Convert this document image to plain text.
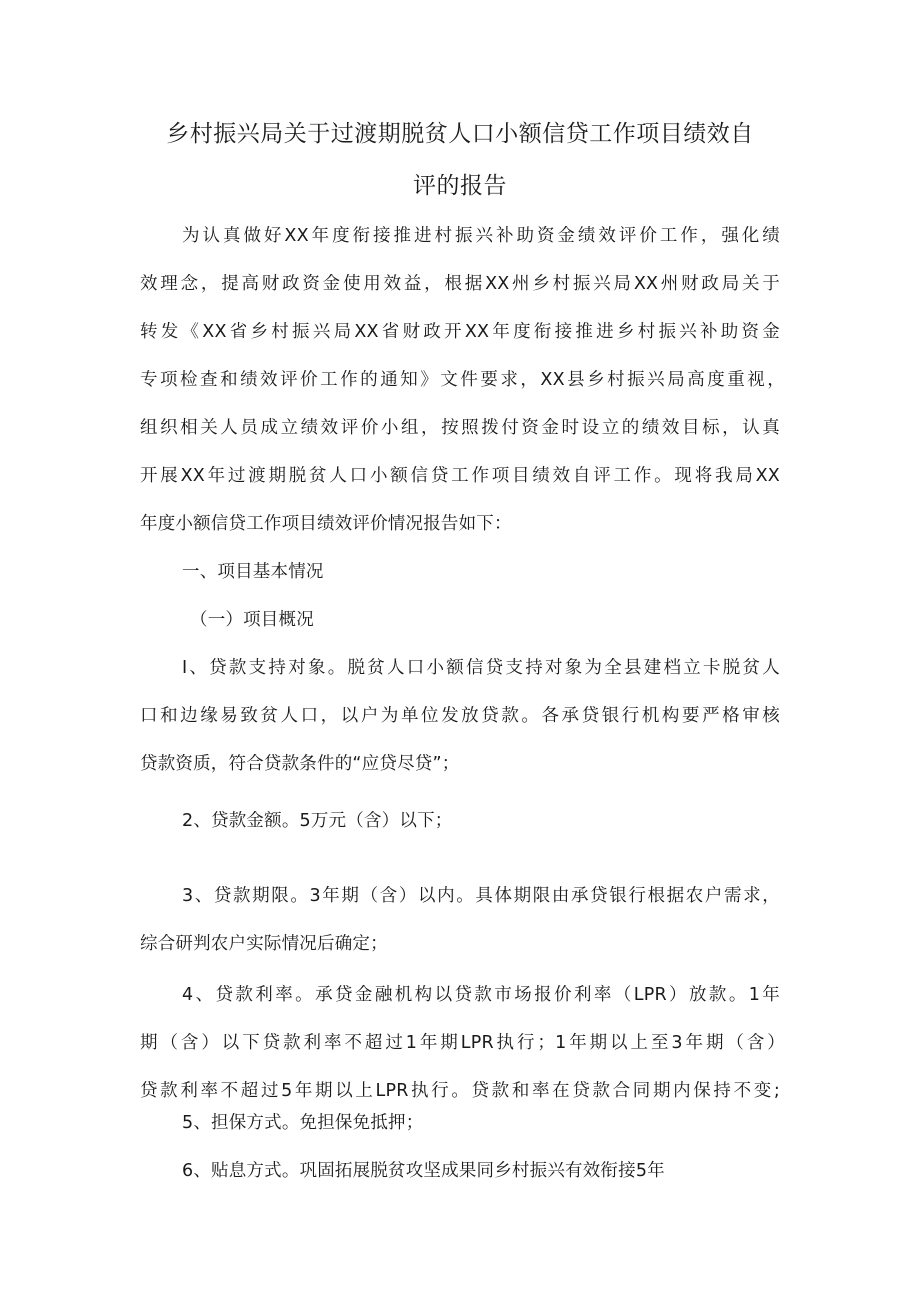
乡村振兴局关于过渡期脱贫人口小额信贷工作项目绩效自
评的报告
为认真做好XX年度衔接推进村振兴补助资金绩效评价工作，强化绩
效理念，提高财政资金使用效益，根据XX州乡村振兴局XX州财政局关于
转发《XX省乡村振兴局XX省财政开XX年度衔接推进乡村振兴补助资金
专项检查和绩效评价工作的通知》文件要求，XX县乡村振兴局高度重视，
组织相关人员成立绩效评价小组，按照拨付资金时设立的绩效目标，认真
开展XX年过渡期脱贫人口小额信贷工作项目绩效自评工作。现将我局XX
年度小额信贷工作项目绩效评价情况报告如下：
一、项目基本情况
（一）项目概况
I、贷款支持对象。脱贫人口小额信贷支持对象为全县建档立卡脱贫人
口和边缘易致贫人口，以户为单位发放贷款。各承贷银行机构要严格审核
贷款资质，符合贷款条件的“应贷尽贷”；
2、贷款金额。5万元（含）以下；
3、贷款期限。3年期（含）以内。具体期限由承贷银行根据农户需求，
综合研判农户实际情况后确定；
4、贷款利率。承贷金融机构以贷款市场报价利率（LPR）放款。1年
期（含）以下贷款利率不超过1年期LPR执行；1年期以上至3年期（含）
贷款利率不超过5年期以上LPR执行。贷款和率在贷款合同期内保持不变;
5、担保方式。免担保免抵押；
6、贴息方式。巩固拓展脱贫攻坚成果同乡村振兴有效衔接5年
